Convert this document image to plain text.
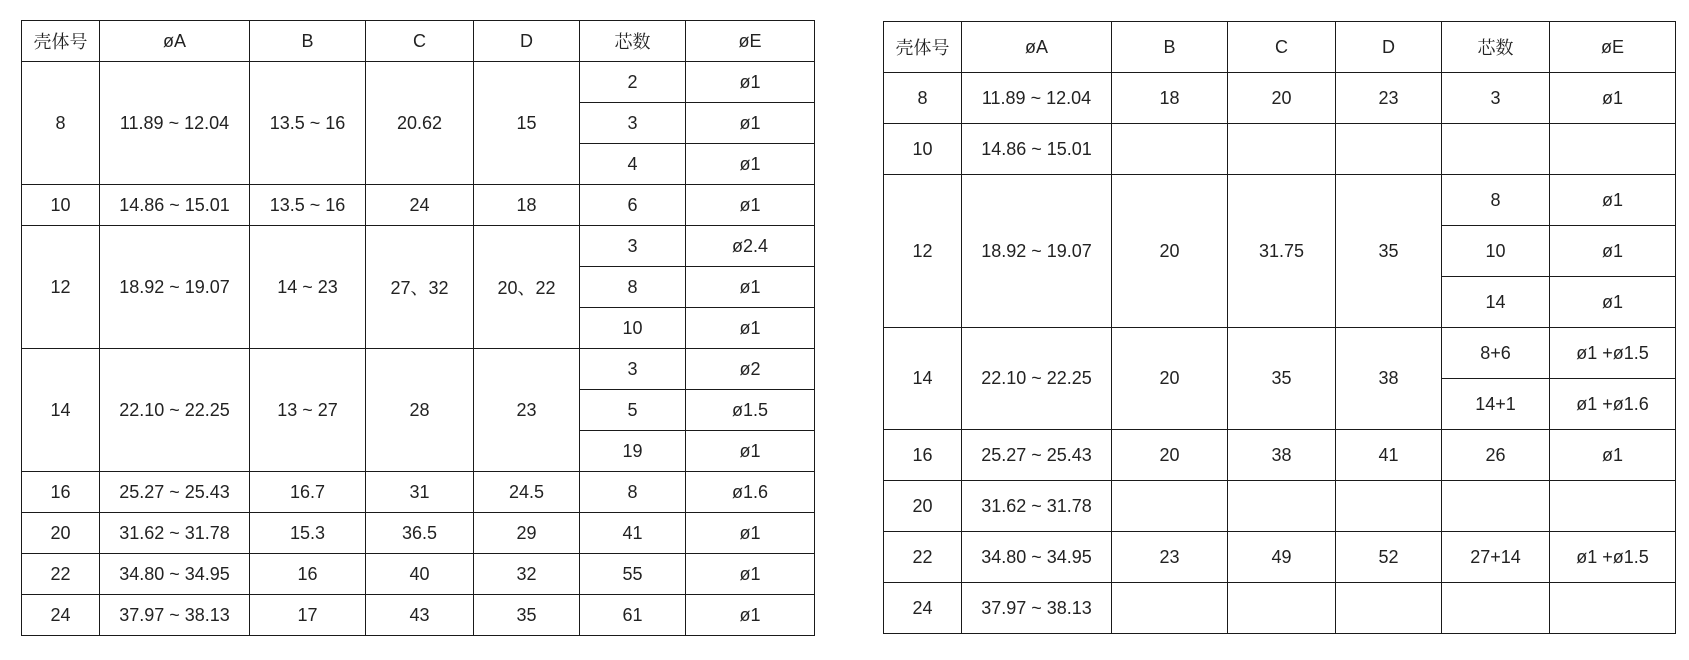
壳体号	øA	B	C	D	芯数	øE
8	11.89 ~ 12.04	13.5 ~ 16	20.62	15	2	ø1
					3	ø1
					4	ø1
10	14.86 ~ 15.01	13.5 ~ 16	24	18	6	ø1
12	18.92 ~ 19.07	14 ~ 23	27、32	20、22	3	ø2.4
					8	ø1
					10	ø1
14	22.10 ~ 22.25	13 ~ 27	28	23	3	ø2
					5	ø1.5
					19	ø1
16	25.27 ~ 25.43	16.7	31	24.5	8	ø1.6
20	31.62 ~ 31.78	15.3	36.5	29	41	ø1
22	34.80 ~ 34.95	16	40	32	55	ø1
24	37.97 ~ 38.13	17	43	35	61	ø1
壳体号	øA	B	C	D	芯数	øE
8	11.89 ~ 12.04	18	20	23	3	ø1
10	14.86 ~ 15.01					
12	18.92 ~ 19.07	20	31.75	35	8	ø1
					10	ø1
					14	ø1
14	22.10 ~ 22.25	20	35	38	8+6	ø1 +ø1.5
					14+1	ø1 +ø1.6
16	25.27 ~ 25.43	20	38	41	26	ø1
20	31.62 ~ 31.78					
22	34.80 ~ 34.95	23	49	52	27+14	ø1 +ø1.5
24	37.97 ~ 38.13					
